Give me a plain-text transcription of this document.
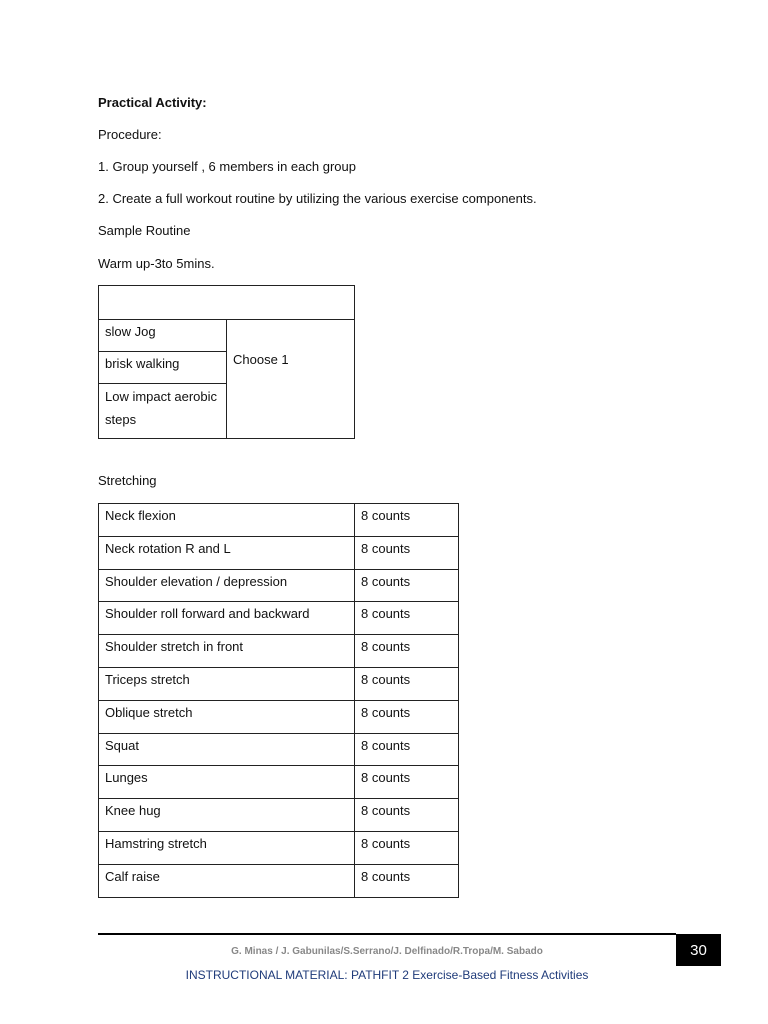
Practical Activity:
Procedure:
1. Group yourself , 6 members in each group
2. Create a full workout routine by utilizing the various exercise components.
Sample Routine
Warm up-3to 5mins.

slow Jog	Choose 1
brisk walking
Low impact aerobic steps
Stretching
Neck flexion	8 counts
Neck rotation R and L	8 counts
Shoulder elevation / depression	8 counts
Shoulder roll forward and backward	8 counts
Shoulder stretch in front	8 counts
Triceps stretch	8 counts
Oblique stretch	8 counts
Squat	8 counts
Lunges	8 counts
Knee hug	8 counts
Hamstring stretch	8 counts
Calf raise	8 counts
30
G. Minas / J. Gabunilas/S.Serrano/J. Delfinado/R.Tropa/M. Sabado
INSTRUCTIONAL MATERIAL: PATHFIT 2 Exercise-Based Fitness Activities
